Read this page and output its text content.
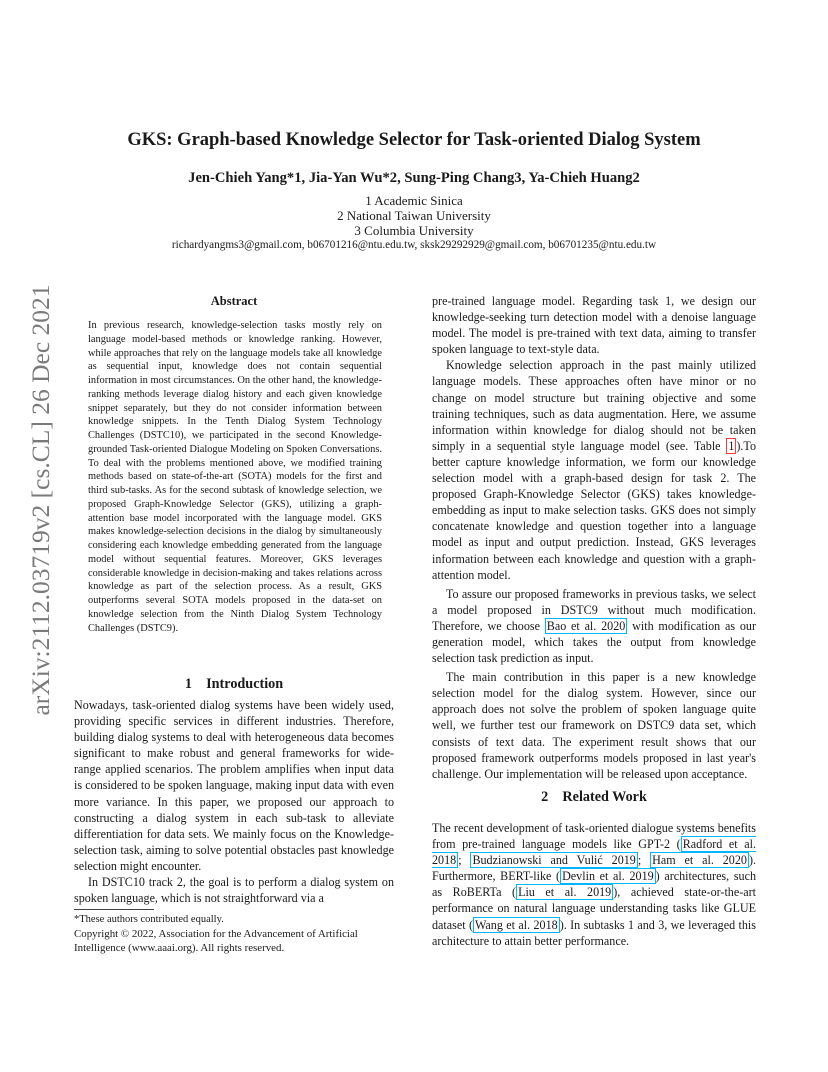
GKS: Graph-based Knowledge Selector for Task-oriented Dialog System
Jen-Chieh Yang*1, Jia-Yan Wu*2, Sung-Ping Chang3, Ya-Chieh Huang2
1 Academic Sinica
2 National Taiwan University
3 Columbia University
richardyangms3@gmail.com, b06701216@ntu.edu.tw, sksk29292929@gmail.com, b06701235@ntu.edu.tw
arXiv:2112.03719v2 [cs.CL] 26 Dec 2021	Abstract

In previous research, knowledge-selection tasks mostly rely on language model-based methods or knowledge ranking. However, while approaches that rely on the language models take all knowledge as sequential input, knowledge does not contain sequential information in most circumstances. On the other hand, the knowledge-ranking methods leverage dialog history and each given knowledge snippet separately, but they do not consider information between knowledge snippets. In the Tenth Dialog System Technology Challenges (DSTC10), we participated in the second Knowledge-grounded Task-oriented Dialogue Modeling on Spoken Conversations. To deal with the problems mentioned above, we modified training methods based on state-of-the-art (SOTA) models for the first and third sub-tasks. As for the second subtask of knowledge selection, we proposed Graph-Knowledge Selector (GKS), utilizing a graph-attention base model incorporated with the language model. GKS makes knowledge-selection decisions in the dialog by simultaneously considering each knowledge embedding generated from the language model without sequential features. Moreover, GKS leverages considerable knowledge in decision-making and takes relations across knowledge as part of the selection process. As a result, GKS outperforms several SOTA models proposed in the data-set on knowledge selection from the Ninth Dialog System Technology Challenges (DSTC9).

1 Introduction

Nowadays, task-oriented dialog systems have been widely used, providing specific services in different industries. Therefore, building dialog systems to deal with heterogeneous data becomes significant to make robust and general frameworks for wide-range applied scenarios. The problem amplifies when input data is considered to be spoken language, making input data with even more variance. In this paper, we proposed our approach to constructing a dialog system in each sub-task to alleviate differentiation for data sets. We mainly focus on the Knowledge-selection task, aiming to solve potential obstacles past knowledge selection might encounter.

In DSTC10 track 2, the goal is to perform a dialog system on spoken language, which is not straightforward via a

*These authors contributed equally.
Copyright © 2022, Association for the Advancement of Artificial Intelligence (www.aaai.org). All rights reserved.

pre-trained language model. Regarding task 1, we design our knowledge-seeking turn detection model with a denoise language model. The model is pre-trained with text data, aiming to transfer spoken language to text-style data.

Knowledge selection approach in the past mainly utilized language models. These approaches often have minor or no change on model structure but training objective and some training techniques, such as data augmentation. Here, we assume information within knowledge for dialog should not be taken simply in a sequential style language model (see. Table 1 ).To better capture knowledge information, we form our knowledge selection model with a graph-based design for task 2. The proposed Graph-Knowledge Selector (GKS) takes knowledge-embedding as input to make selection tasks. GKS does not simply concatenate knowledge and question together into a language model as input and output prediction. Instead, GKS leverages information between each knowledge and question with a graph-attention model.

To assure our proposed frameworks in previous tasks, we select a model proposed in DSTC9 without much modification. Therefore, we choose Bao et al. 2020 with modification as our generation model, which takes the output from knowledge selection task prediction as input.

The main contribution in this paper is a new knowledge selection model for the dialog system. However, since our approach does not solve the problem of spoken language quite well, we further test our framework on DSTC9 data set, which consists of text data. The experiment result shows that our proposed framework outperforms models proposed in last year's challenge. Our implementation will be released upon acceptance.

2 Related Work

The recent development of task-oriented dialogue systems benefits from pre-trained language models like GPT-2 ( Radford et al. 2018 ; Budzianowski and Vulić 2019 ; Ham et al. 2020 ). Furthermore, BERT-like ( Devlin et al. 2019 ) architectures, such as RoBERTa ( Liu et al. 2019 ), achieved state-or-the-art performance on natural language understanding tasks like GLUE dataset ( Wang et al. 2018 ). In subtasks 1 and 3, we leveraged this architecture to attain better performance.
